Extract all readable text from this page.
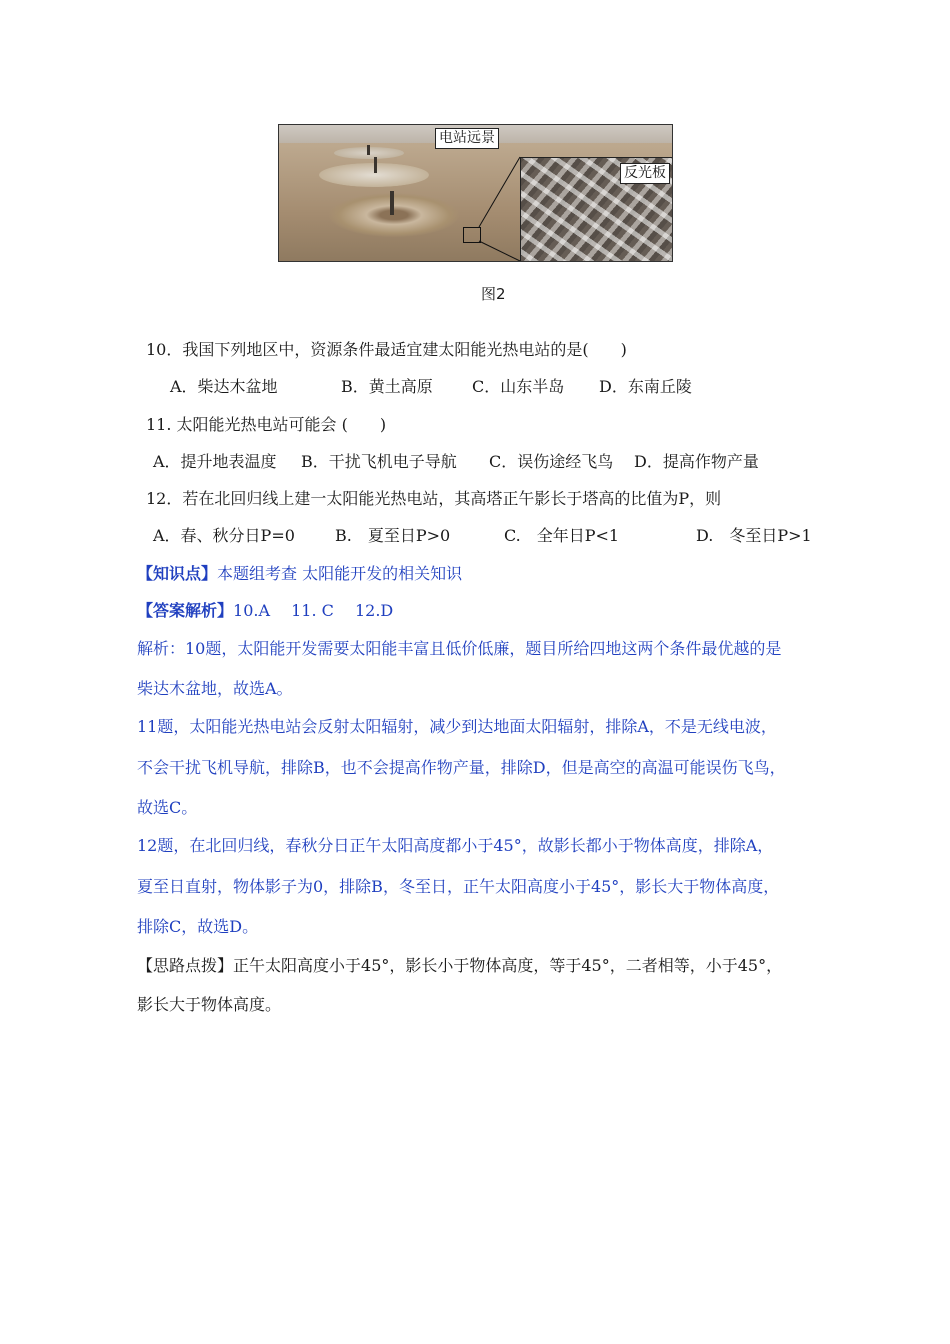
电站远景
反光板
图2
10．我国下列地区中，资源条件最适宜建太阳能光热电站的是(　　)
A．柴达木盆地	B．黄土高原 C．山东半岛 D．东南丘陵
11. 太阳能光热电站可能会 (　　)
A．提升地表温度 B．干扰飞机电子导航 C．误伤途经飞鸟 D．提高作物产量
12．若在北回归线上建一太阳能光热电站，其高塔正午影长于塔高的比值为P，则
A．春、秋分日P=0	B.　夏至日P>0	C.　全年日P<1	D.　冬至日P>1
【知识点】本题组考查 太阳能开发的相关知识
【答案解析】10.A　 11. C　 12.D
解析：10题，太阳能开发需要太阳能丰富且低价低廉，题目所给四地这两个条件最优越的是
柴达木盆地，故选A。
11题，太阳能光热电站会反射太阳辐射，减少到达地面太阳辐射，排除A，不是无线电波，
不会干扰飞机导航，排除B，也不会提高作物产量，排除D，但是高空的高温可能误伤飞鸟，
故选C。
12题，在北回归线，春秋分日正午太阳高度都小于45°，故影长都小于物体高度，排除A，
夏至日直射，物体影子为0，排除B，冬至日，正午太阳高度小于45°，影长大于物体高度，
排除C，故选D。
【思路点拨】正午太阳高度小于45°，影长小于物体高度，等于45°，二者相等，小于45°，
影长大于物体高度。
